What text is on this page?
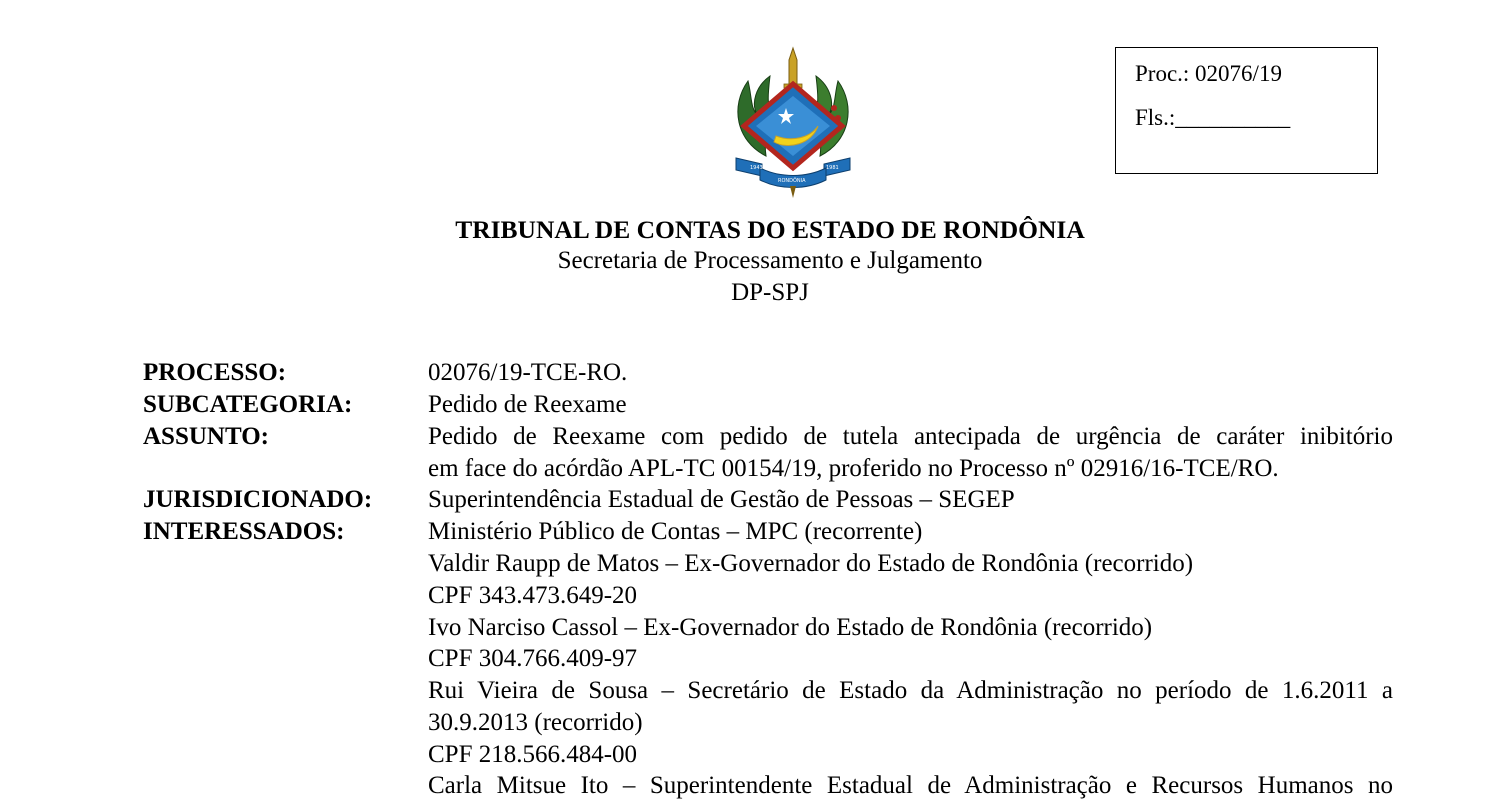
1943	1981
RONDÔNIA
Proc.: 02076/19
Fls.:__________
TRIBUNAL DE CONTAS DO ESTADO DE RONDÔNIA
Secretaria de Processamento e Julgamento
DP-SPJ
PROCESSO:	02076/19-TCE-RO.
SUBCATEGORIA:	Pedido de Reexame
ASSUNTO:	Pedido de Reexame com pedido de tutela antecipada de urgência de caráter inibitório
em face do acórdão APL-TC 00154/19, proferido no Processo nº 02916/16-TCE/RO.
JURISDICIONADO: Superintendência Estadual de Gestão de Pessoas – SEGEP
INTERESSADOS:	Ministério Público de Contas – MPC (recorrente)
Valdir Raupp de Matos – Ex-Governador do Estado de Rondônia (recorrido)
CPF 343.473.649-20
Ivo Narciso Cassol – Ex-Governador do Estado de Rondônia (recorrido)
CPF 304.766.409-97
Rui Vieira de Sousa – Secretário de Estado da Administração no período de 1.6.2011 a
30.9.2013 (recorrido)
CPF 218.566.484-00
Carla Mitsue Ito – Superintendente Estadual de Administração e Recursos Humanos no
